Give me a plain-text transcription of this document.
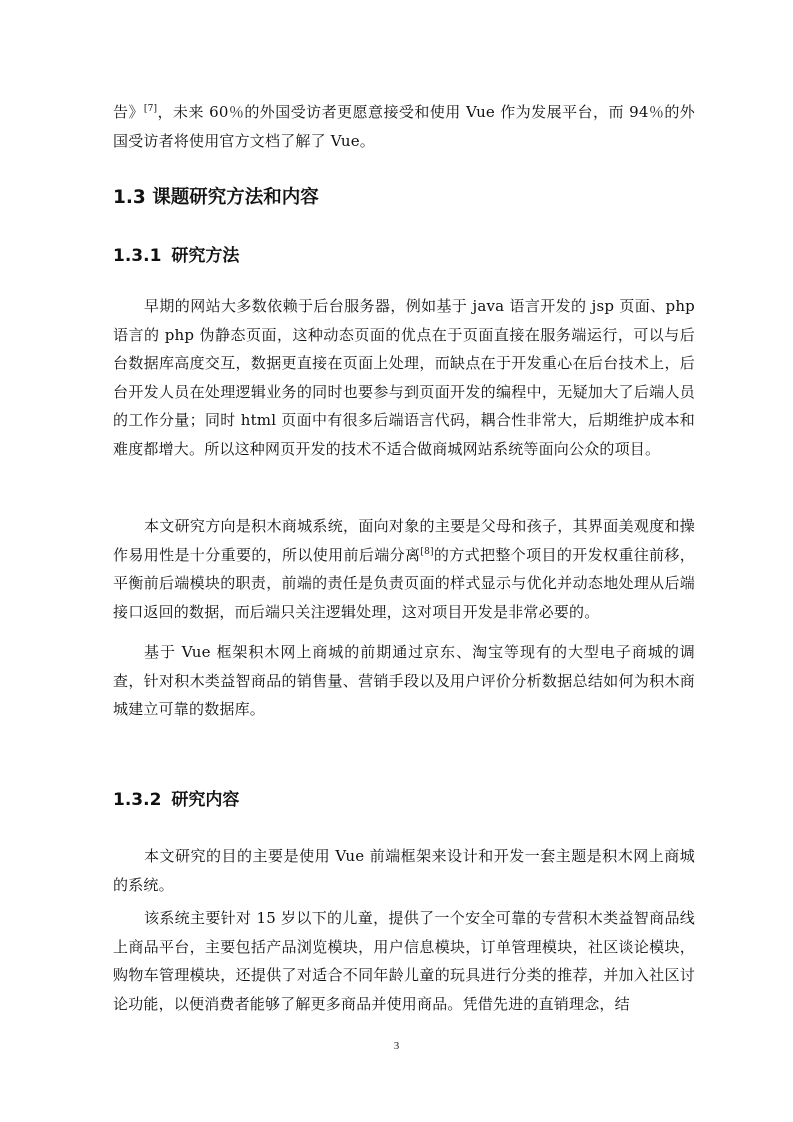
告》[7]，未来 60％的外国受访者更愿意接受和使用 Vue 作为发展平台，而 94％的外国受访者将使用官方文档了解了 Vue。

1.3 课题研究方法和内容
1.3.1 研究方法

早期的网站大多数依赖于后台服务器，例如基于 java 语言开发的 jsp 页面、php 语言的 php 伪静态页面，这种动态页面的优点在于页面直接在服务端运行，可以与后台数据库高度交互，数据更直接在页面上处理，而缺点在于开发重心在后台技术上，后台开发人员在处理逻辑业务的同时也要参与到页面开发的编程中，无疑加大了后端人员的工作分量；同时 html 页面中有很多后端语言代码，耦合性非常大，后期维护成本和难度都增大。所以这种网页开发的技术不适合做商城网站系统等面向公众的项目。

本文研究方向是积木商城系统，面向对象的主要是父母和孩子，其界面美观度和操作易用性是十分重要的，所以使用前后端分离[8]的方式把整个项目的开发权重往前移，平衡前后端模块的职责，前端的责任是负责页面的样式显示与优化并动态地处理从后端接口返回的数据，而后端只关注逻辑处理，这对项目开发是非常必要的。

基于 Vue 框架积木网上商城的前期通过京东、淘宝等现有的大型电子商城的调查，针对积木类益智商品的销售量、营销手段以及用户评价分析数据总结如何为积木商城建立可靠的数据库。

1.3.2 研究内容

本文研究的目的主要是使用 Vue 前端框架来设计和开发一套主题是积木网上商城的系统。

该系统主要针对 15 岁以下的儿童，提供了一个安全可靠的专营积木类益智商品线上商品平台，主要包括产品浏览模块，用户信息模块，订单管理模块，社区谈论模块，购物车管理模块，还提供了对适合不同年龄儿童的玩具进行分类的推荐，并加入社区讨论功能，以便消费者能够了解更多商品并使用商品。凭借先进的直销理念，结

3
